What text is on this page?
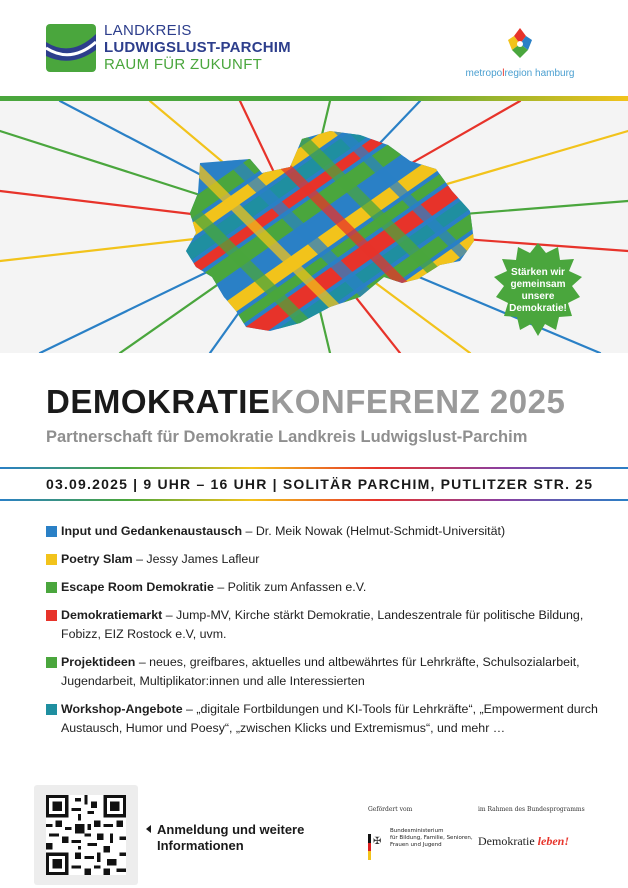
LANDKREIS
LUDWIGSLUST-PARCHIM
RAUM FÜR ZUKUNFT
metropolregion hamburg
Stärken wir gemeinsam unsere Demokratie!
DEMOKRATIEKONFERENZ 2025
Partnerschaft für Demokratie Landkreis Ludwigslust-Parchim
03.09.2025 | 9 UHR – 16 UHR | SOLITÄR PARCHIM, PUTLITZER STR. 25
Input und Gedankenaustausch – Dr. Meik Nowak (Helmut-Schmidt-Universität)
Poetry Slam – Jessy James Lafleur
Escape Room Demokratie – Politik zum Anfassen e.V.
Demokratiemarkt – Jump-MV, Kirche stärkt Demokratie, Landeszentrale für politische Bildung, Fobizz, EIZ Rostock e.V, uvm.
Projektideen – neues, greifbares, aktuelles und altbewährtes für Lehrkräfte, Schulsozialarbeit, Jugendarbeit, Multiplikator:innen und alle Interessierten
Workshop-Angebote – „digitale Fortbildungen und KI-Tools für Lehrkräfte“, „Empowerment durch Austausch, Humor und Poesy“, „zwischen Klicks und Extremismus“, und mehr …
Anmeldung und weitere
Informationen
Gefördert vom
✠
Bundesministerium
für Bildung, Familie, Senioren,
Frauen und Jugend
im Rahmen des Bundesprogramms
Demokratie leben!
